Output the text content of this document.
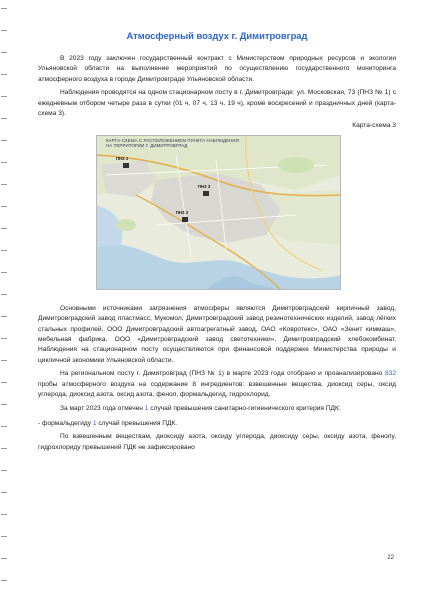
Атмосферный воздух г. Димитровград

В 2023 году заключен государственный контракт с Министерством природных ресурсов и экологии Ульяновской области на выполнение мероприятий по осуществлению государственного мониторинга атмосферного воздуха в городе Димитровграде Ульяновской области.

Наблюдения проводятся на одном стационарном посту в г. Димитровграде: ул. Московская, 73 (ПНЗ № 1) с ежедневным отбором четыре раза в сутки (01 ч, 07 ч, 13 ч, 19 ч), кроме воскресений и праздничных дней (карта-схема 3).

Карта-схема 3
КАРТА-СХЕМА С РАСПОЛОЖЕНИЕМ ПУНКТА НАБЛЮДЕНИЯ
НА ТЕРРИТОРИИ Г. ДИМИТРОВГРАД
ПНЗ 1
ПНЗ 2
ПНЗ 3

Основными источниками загрязнения атмосферы являются Димитровградский кирпичный завод, Димитровградский завод пластмасс, Мукомол, Димитровградский завод резинотехнических изделий, завод лёгких стальных профилей, ООО Димитровградский автоагрегатный завод, ОАО «Ковротекс», ОАО «Зенит киммаш», мебельная фабрика, ООО «Димитровградский завод светотехники», Димитровградский хлебокомбинат. Наблюдения на стационарном посту осуществляются при финансовой поддержке Министерства природы и цикличной экономики Ульяновской области.

На региональном посту г. Димитровград (ПНЗ № 1) в марте 2023 года отобрано и проанализировано 832 пробы атмосферного воздуха на содержание 8 ингредиентов: взвешенные вещества, диоксид серы, оксид углерода, диоксид азота, оксид азота, фенол, формальдегид, гидрохлорид.

За март 2023 года отмечен 1 случай превышения санитарно-гигиенического критерия ПДК:

- формальдегиду 1 случай превышения ПДК.

По взвешенным веществам, диоксиду азота, оксиду углерода, диоксиду серы, оксиду азота, фенолу, гидрохлориду превышений ПДК не зафиксировано

22
